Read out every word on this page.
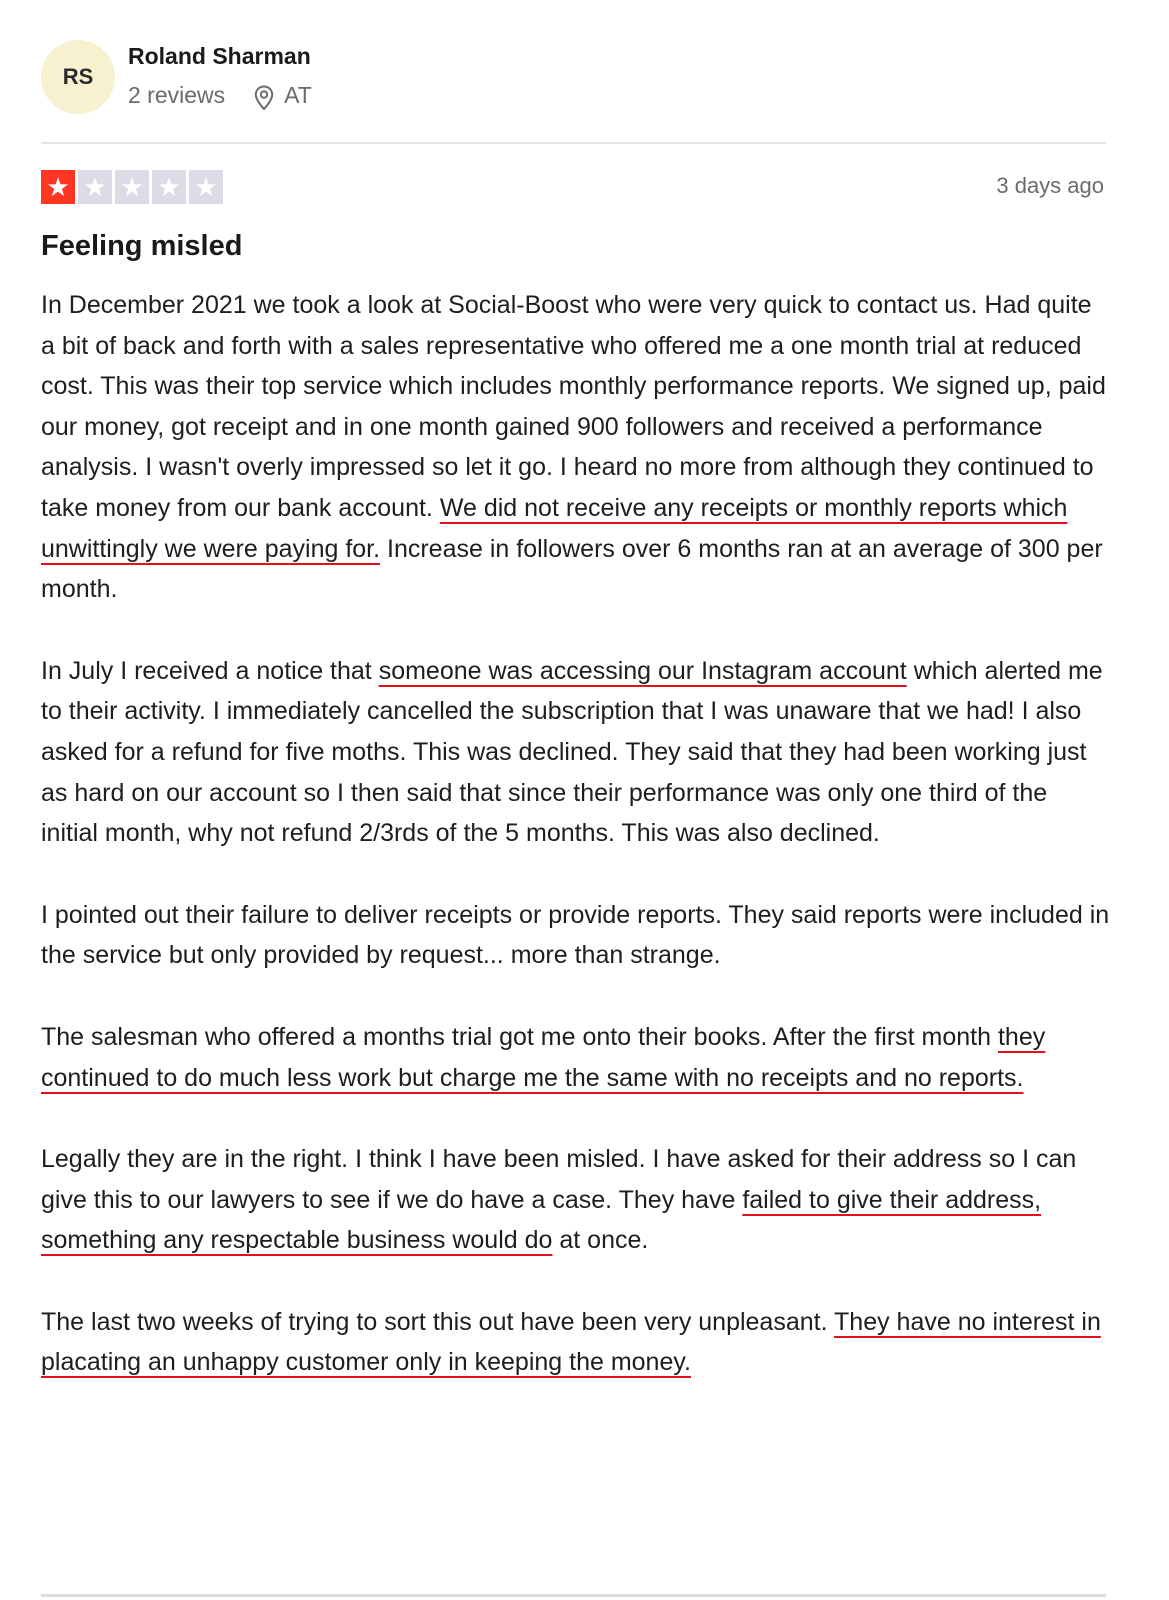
RS
Roland Sharman
2 reviews	AT
★ ★ ★ ★ ★	3 days ago
Feeling misled

In December 2021 we took a look at Social-Boost who were very quick to contact us. Had quite a bit of back and forth with a sales representative who offered me a one month trial at reduced cost. This was their top service which includes monthly performance reports. We signed up, paid our money, got receipt and in one month gained 900 followers and received a performance analysis. I wasn't overly impressed so let it go. I heard no more from although they continued to take money from our bank account. We did not receive any receipts or monthly reports which unwittingly we were paying for. Increase in followers over 6 months ran at an average of 300 per month.

In July I received a notice that someone was accessing our Instagram account which alerted me to their activity. I immediately cancelled the subscription that I was unaware that we had! I also asked for a refund for five moths. This was declined. They said that they had been working just as hard on our account so I then said that since their performance was only one third of the initial month, why not refund 2/3rds of the 5 months. This was also declined.

I pointed out their failure to deliver receipts or provide reports. They said reports were included in the service but only provided by request... more than strange.

The salesman who offered a months trial got me onto their books. After the first month they continued to do much less work but charge me the same with no receipts and no reports.

Legally they are in the right. I think I have been misled. I have asked for their address so I can give this to our lawyers to see if we do have a case. They have failed to give their address, something any respectable business would do at once.

The last two weeks of trying to sort this out have been very unpleasant. They have no interest in placating an unhappy customer only in keeping the money.
